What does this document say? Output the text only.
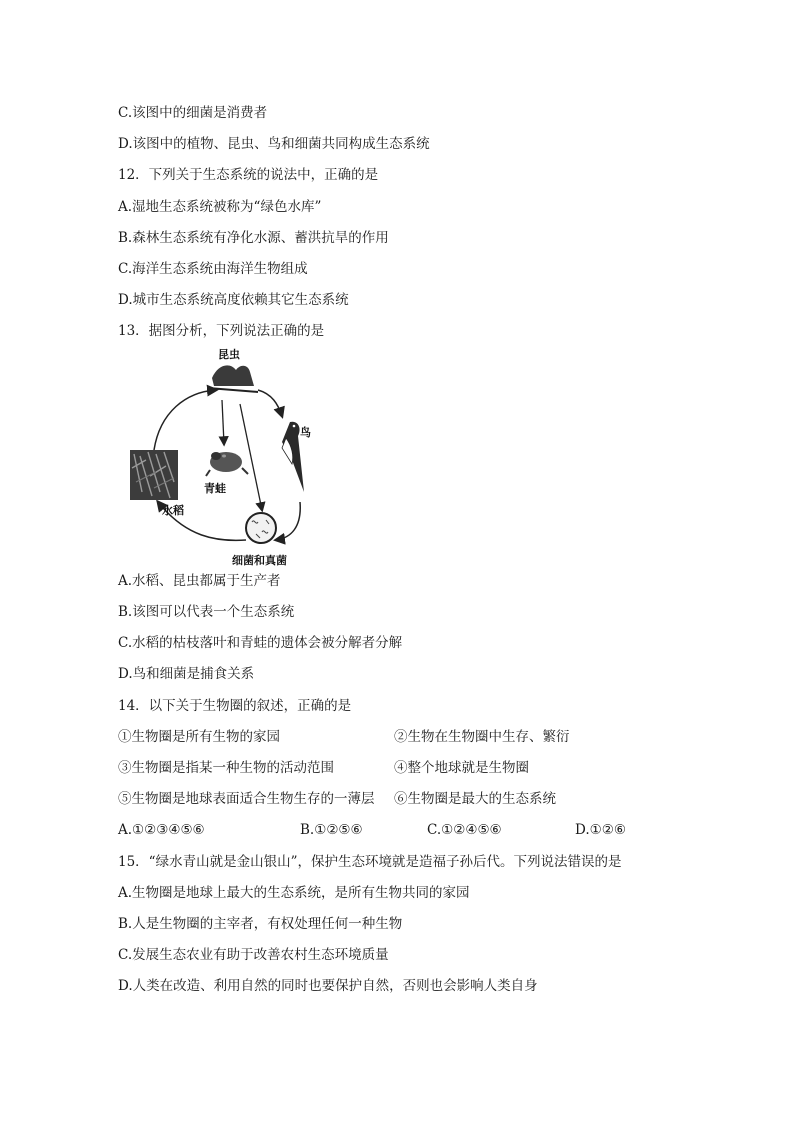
C.该图中的细菌是消费者
D.该图中的植物、昆虫、鸟和细菌共同构成生态系统
12．下列关于生态系统的说法中，正确的是
A.湿地生态系统被称为“绿色水库”
B.森林生态系统有净化水源、蓄洪抗旱的作用
C.海洋生态系统由海洋生物组成
D.城市生态系统高度依赖其它生态系统
13．据图分析，下列说法正确的是
昆虫
鸟
青蛙
水稻
细菌和真菌
A.水稻、昆虫都属于生产者
B.该图可以代表一个生态系统
C.水稻的枯枝落叶和青蛙的遗体会被分解者分解
D.鸟和细菌是捕食关系
14．以下关于生物圈的叙述，正确的是
①生物圈是所有生物的家园	②生物在生物圈中生存、繁衍
③生物圈是指某一种生物的活动范围	④整个地球就是生物圈
⑤生物圈是地球表面适合生物生存的一薄层 ⑥生物圈是最大的生态系统
A.①②③④⑤⑥	B.①②⑤⑥	C.①②④⑤⑥	D.①②⑥
15．“绿水青山就是金山银山”，保护生态环境就是造福子孙后代。下列说法错误的是
A.生物圈是地球上最大的生态系统，是所有生物共同的家园
B.人是生物圈的主宰者，有权处理任何一种生物
C.发展生态农业有助于改善农村生态环境质量
D.人类在改造、利用自然的同时也要保护自然，否则也会影响人类自身
